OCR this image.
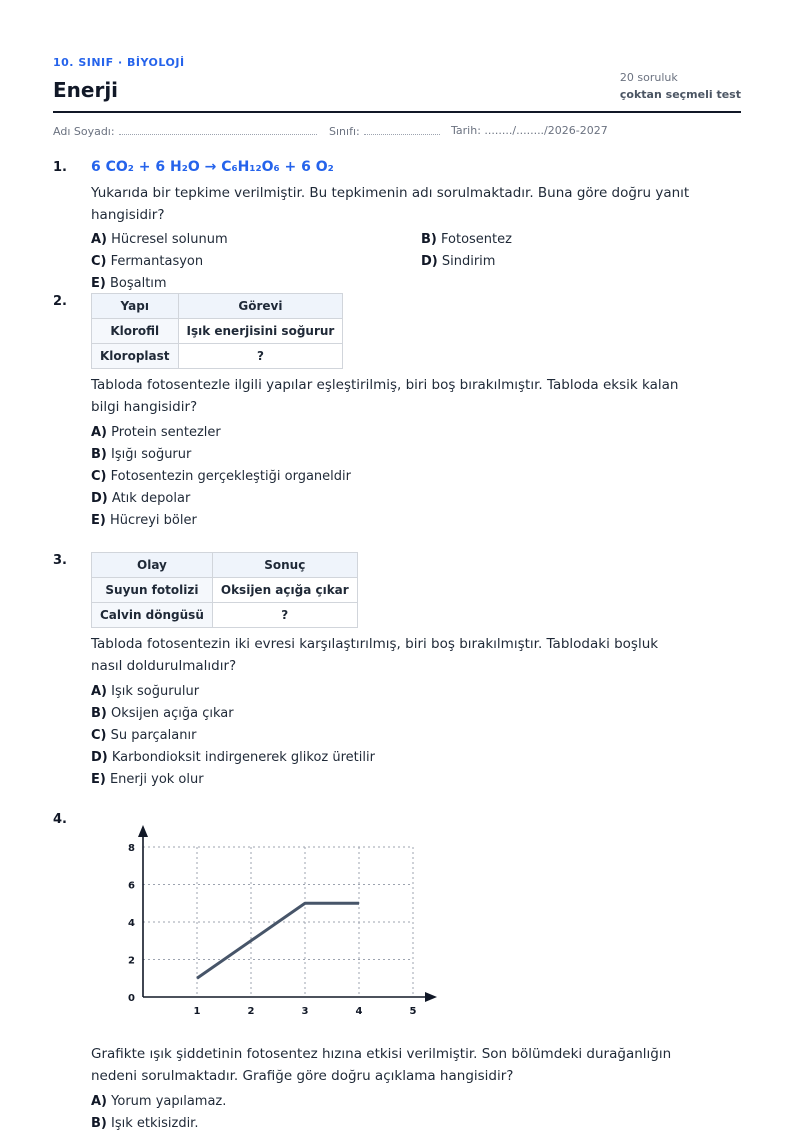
10. SINIF · BİYOLOJİ
Enerji
20 soruluk
çoktan seçmeli test
Adı Soyadı:	Sınıfı:	Tarih: ......../......../2026-2027
1. 6 CO₂ + 6 H₂O → C₆H₁₂O₆ + 6 O₂

Yukarıda bir tepkime verilmiştir. Bu tepkimenin adı sorulmaktadır. Buna göre doğru yanıt hangisidir?

A) Hücresel solunum	B) Fotosentez
C) Fermantasyon	D) Sindirim
E) Boşaltım
2.	Yapı	Görevi
Klorofil	Işık enerjisini soğurur
Kloroplast	?

Tabloda fotosentezle ilgili yapılar eşleştirilmiş, biri boş bırakılmıştır. Tabloda eksik kalan bilgi hangisidir?

A) Protein sentezler
B) Işığı soğurur
C) Fotosentezin gerçekleştiği organeldir
D) Atık depolar
E) Hücreyi böler
3.	Olay	Sonuç
Suyun fotolizi	Oksijen açığa çıkar
Calvin döngüsü	?

Tabloda fotosentezin iki evresi karşılaştırılmış, biri boş bırakılmıştır. Tablodaki boşluk nasıl doldurulmalıdır?

A) Işık soğurulur
B) Oksijen açığa çıkar
C) Su parçalanır
D) Karbondioksit indirgenerek glikoz üretilir
E) Enerji yok olur
4.
1	2	3	4	5
0
2
4
6
8

Grafikte ışık şiddetinin fotosentez hızına etkisi verilmiştir. Son bölümdeki durağanlığın nedeni sorulmaktadır. Grafiğe göre doğru açıklama hangisidir?

A) Yorum yapılamaz.
B) Işık etkisizdir.
